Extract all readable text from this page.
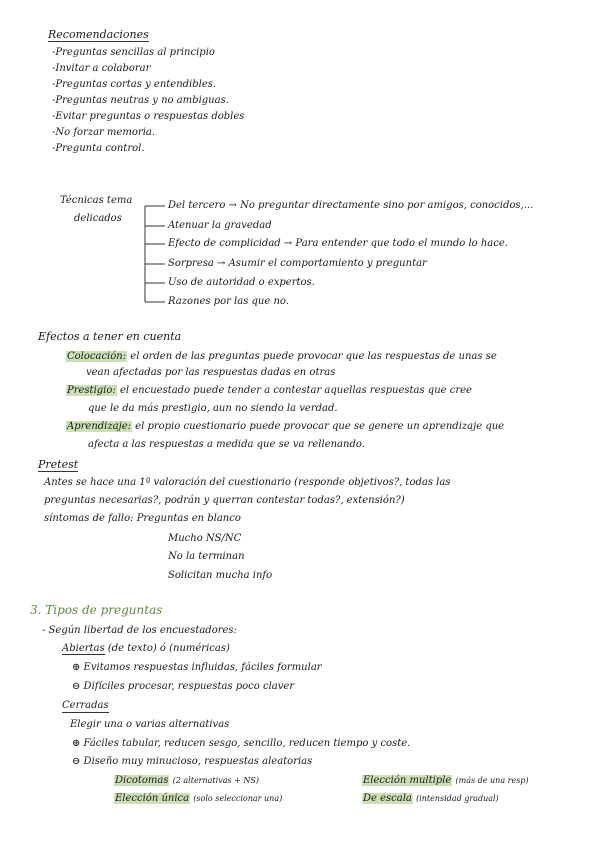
Recomendaciones
-Preguntas sencillas al principio
-Invitar a colaborar
-Preguntas cortas y entendibles.
-Preguntas neutras y no ambiguas.
-Evitar preguntas o respuestas dobles
-No forzar memoria.
-Pregunta control.
Técnicas tema
delicados
Del tercero → No preguntar directamente sino por amigos, conocidos,...
Atenuar la gravedad
Efecto de complicidad → Para entender que todo el mundo lo hace.
Sorpresa → Asumir el comportamiento y preguntar
Uso de autoridad o expertos.
Razones por las que no.
Efectos a tener en cuenta
Colocación: el orden de las preguntas puede provocar que las respuestas de unas se
vean afectadas por las respuestas dadas en otras
Prestigio: el encuestado puede tender a contestar aquellas respuestas que cree
que le da más prestigio, aun no siendo la verdad.
Aprendizaje: el propio cuestionario puede provocar que se genere un aprendizaje que
afecta a las respuestas a medida que se va rellenando.
Pretest
Antes se hace una 1ª valoración del cuestionario (responde objetivos?, todas las
preguntas necesarias?, podrán y querran contestar todas?, extensión?)
síntomas de fallo: Preguntas en blanco
Mucho NS/NC
No la terminan
Solicitan mucha info
3. Tipos de preguntas
- Según libertad de los encuestadores:
Abiertas (de texto) ó (numéricas)
⊕ Evitamos respuestas influidas, fáciles formular
⊖ Difíciles procesar, respuestas poco claver
Cerradas
Elegir una o varias alternativas
⊕ Fáciles tabular, reducen sesgo, sencillo, reducen tiempo y coste.
⊖ Diseño muy minucioso, respuestas aleatorias
Dicotomas (2 alternativas + NS)	Elección multiple (más de una resp)
Elección única (solo seleccionar una)	De escala (intensidad gradual)
